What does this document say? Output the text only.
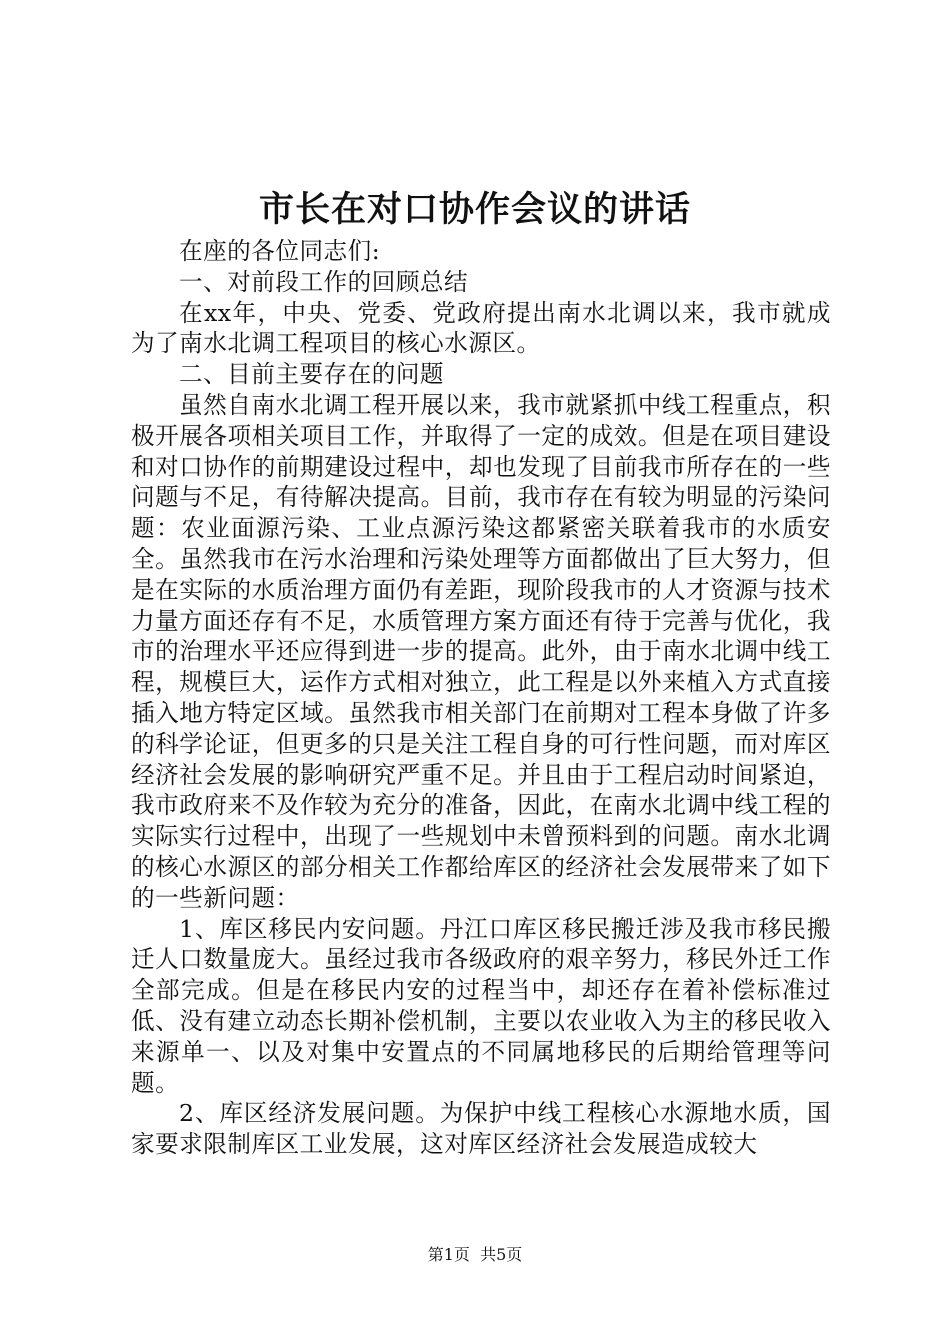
市长在对口协作会议的讲话

在座的各位同志们:

一、对前段工作的回顾总结

在xx年，中央、党委、党政府提出南水北调以来，我市就成为了南水北调工程项目的核心水源区。

二、目前主要存在的问题

虽然自南水北调工程开展以来，我市就紧抓中线工程重点，积极开展各项相关项目工作，并取得了一定的成效。但是在项目建设和对口协作的前期建设过程中，却也发现了目前我市所存在的一些问题与不足，有待解决提高。目前，我市存在有较为明显的污染问题：农业面源污染、工业点源污染这都紧密关联着我市的水质安全。虽然我市在污水治理和污染处理等方面都做出了巨大努力，但是在实际的水质治理方面仍有差距，现阶段我市的人才资源与技术力量方面还存有不足，水质管理方案方面还有待于完善与优化，我市的治理水平还应得到进一步的提高。此外，由于南水北调中线工程，规模巨大，运作方式相对独立，此工程是以外来植入方式直接插入地方特定区域。虽然我市相关部门在前期对工程本身做了许多的科学论证，但更多的只是关注工程自身的可行性问题，而对库区经济社会发展的影响研究严重不足。并且由于工程启动时间紧迫，我市政府来不及作较为充分的准备，因此，在南水北调中线工程的实际实行过程中，出现了一些规划中未曾预料到的问题。南水北调的核心水源区的部分相关工作都给库区的经济社会发展带来了如下的一些新问题：

1、库区移民内安问题。丹江口库区移民搬迁涉及我市移民搬迁人口数量庞大。虽经过我市各级政府的艰辛努力，移民外迁工作全部完成。但是在移民内安的过程当中，却还存在着补偿标准过低、没有建立动态长期补偿机制，主要以农业收入为主的移民收入来源单一、以及对集中安置点的不同属地移民的后期给管理等问题。

2、库区经济发展问题。为保护中线工程核心水源地水质，国家要求限制库区工业发展，这对库区经济社会发展造成较大

第1页  共5页
